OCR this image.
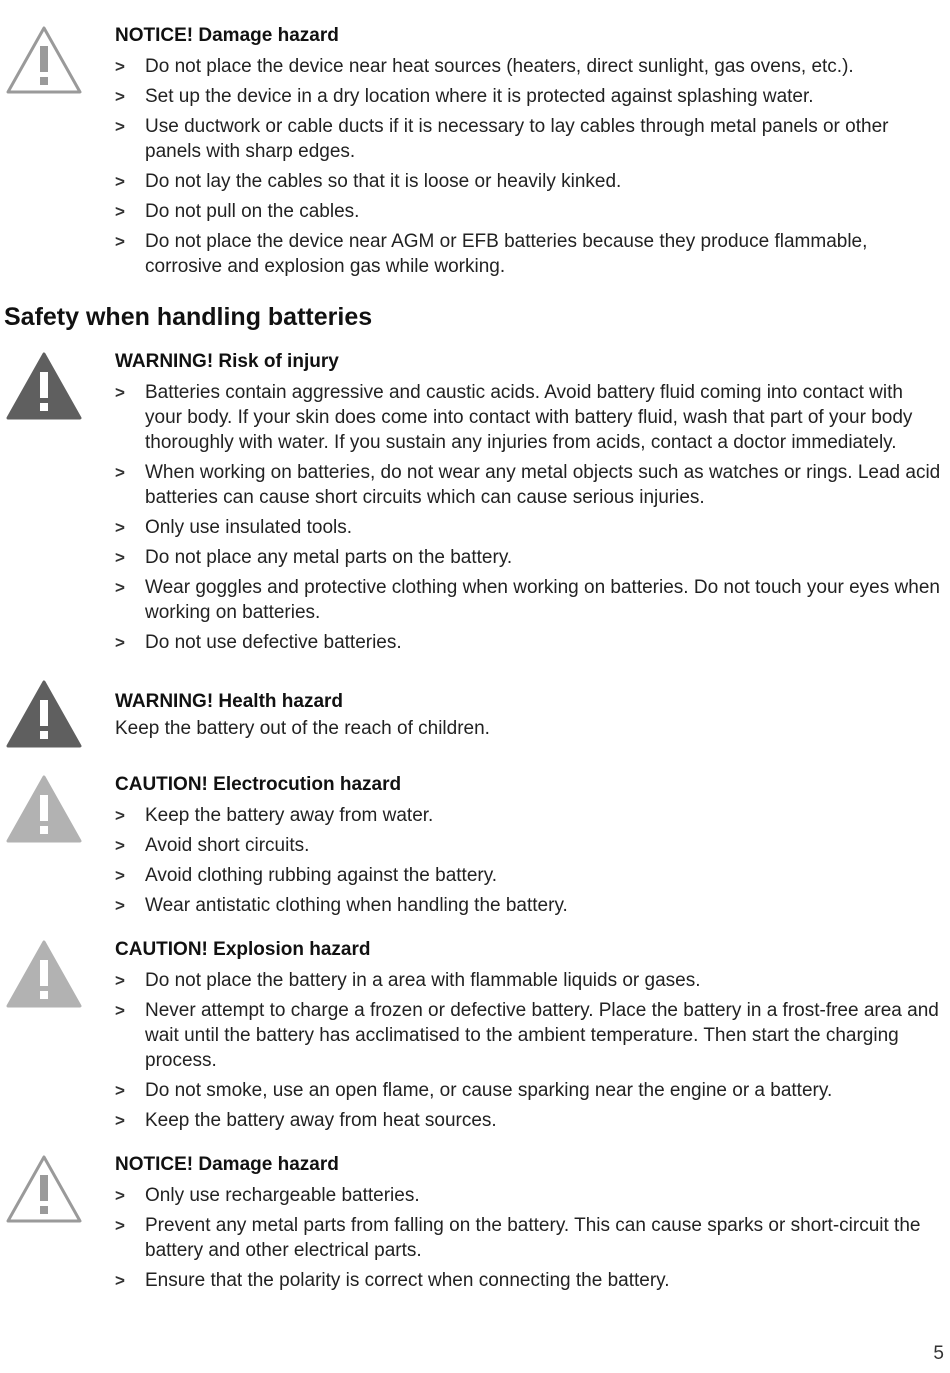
NOTICE! Damage hazard
> Do not place the device near heat sources (heaters, direct sunlight, gas ovens, etc.).
> Set up the device in a dry location where it is protected against splashing water.
> Use ductwork or cable ducts if it is necessary to lay cables through metal panels or other panels with sharp edges.
> Do not lay the cables so that it is loose or heavily kinked.
> Do not pull on the cables.
> Do not place the device near AGM or EFB batteries because they produce flammable, corrosive and explosion gas while working.
Safety when handling batteries
WARNING! Risk of injury
> Batteries contain aggressive and caustic acids. Avoid battery fluid coming into contact with your body. If your skin does come into contact with battery fluid, wash that part of your body thoroughly with water. If you sustain any injuries from acids, contact a doctor immediately.
> When working on batteries, do not wear any metal objects such as watches or rings. Lead acid batteries can cause short circuits which can cause serious injuries.
> Only use insulated tools.
> Do not place any metal parts on the battery.
> Wear goggles and protective clothing when working on batteries. Do not touch your eyes when working on batteries.
> Do not use defective batteries.
WARNING! Health hazard
Keep the battery out of the reach of children.
CAUTION! Electrocution hazard
> Keep the battery away from water.
> Avoid short circuits.
> Avoid clothing rubbing against the battery.
> Wear antistatic clothing when handling the battery.
CAUTION! Explosion hazard
> Do not place the battery in a area with flammable liquids or gases.
> Never attempt to charge a frozen or defective battery. Place the battery in a frost-free area and wait until the battery has acclimatised to the ambient temperature. Then start the charging process.
> Do not smoke, use an open flame, or cause sparking near the engine or a battery.
> Keep the battery away from heat sources.
NOTICE! Damage hazard
> Only use rechargeable batteries.
> Prevent any metal parts from falling on the battery. This can cause sparks or short-circuit the battery and other electrical parts.
> Ensure that the polarity is correct when connecting the battery.
5
